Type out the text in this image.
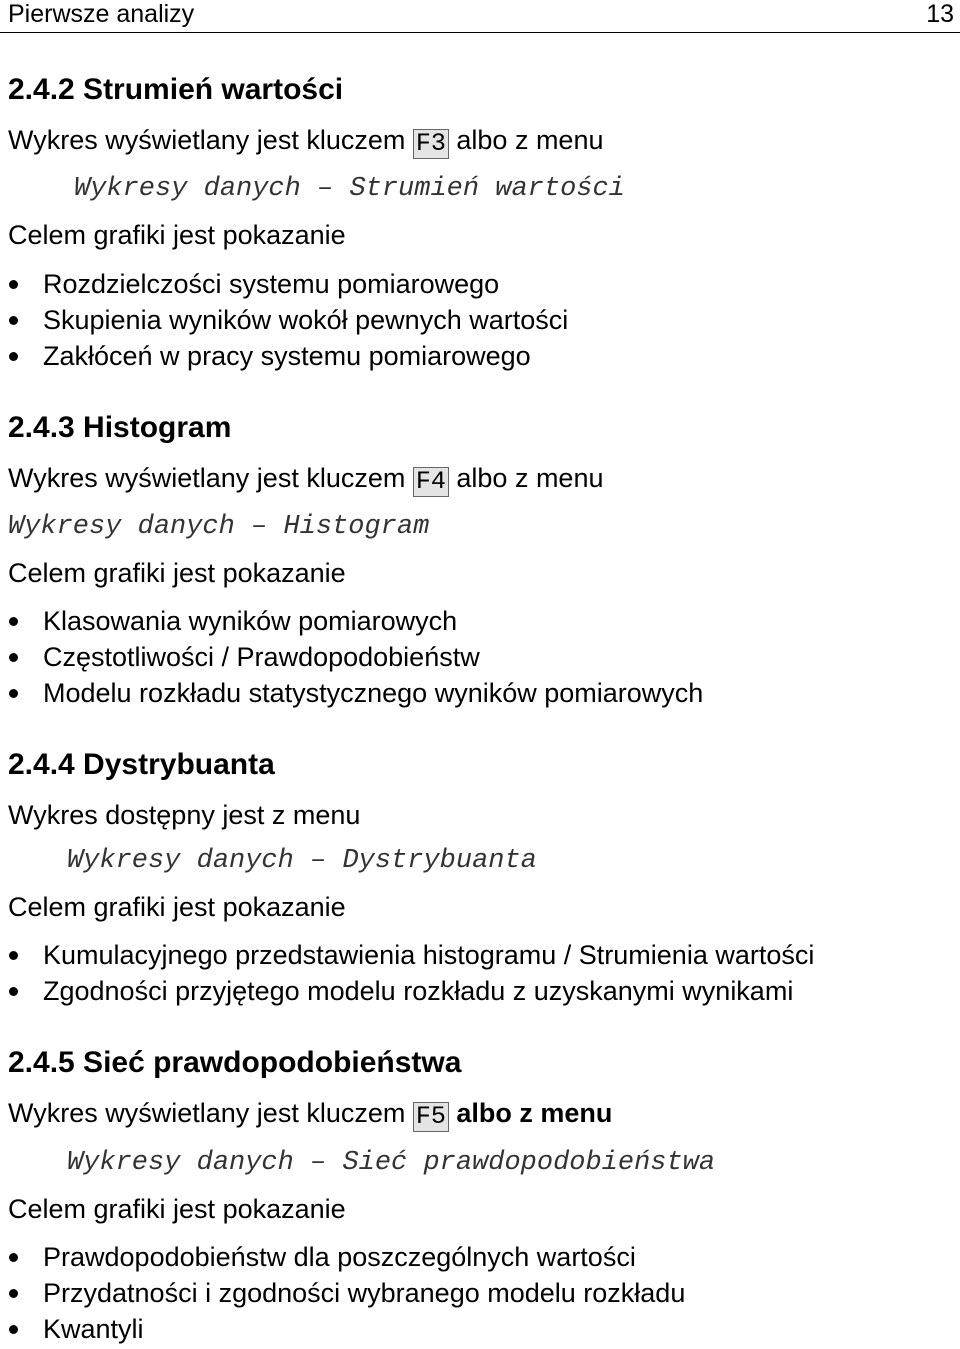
Pierwsze analizy	13
2.4.2 Strumień wartości
Wykres wyświetlany jest kluczem F3 albo z menu
Wykresy danych – Strumień wartości
Celem grafiki jest pokazanie
Rozdzielczości systemu pomiarowego
Skupienia wyników wokół pewnych wartości
Zakłóceń w pracy systemu pomiarowego
2.4.3 Histogram
Wykres wyświetlany jest kluczem F4 albo z menu
Wykresy danych – Histogram
Celem grafiki jest pokazanie
Klasowania wyników pomiarowych
Częstotliwości / Prawdopodobieństw
Modelu rozkładu statystycznego wyników pomiarowych
2.4.4 Dystrybuanta
Wykres dostępny jest z menu
Wykresy danych – Dystrybuanta
Celem grafiki jest pokazanie
Kumulacyjnego przedstawienia histogramu / Strumienia wartości
Zgodności przyjętego modelu rozkładu z uzyskanymi wynikami
2.4.5 Sieć prawdopodobieństwa
Wykres wyświetlany jest kluczem F5 albo z menu
Wykresy danych – Sieć prawdopodobieństwa
Celem grafiki jest pokazanie
Prawdopodobieństw dla poszczególnych wartości
Przydatności i zgodności wybranego modelu rozkładu
Kwantyli
